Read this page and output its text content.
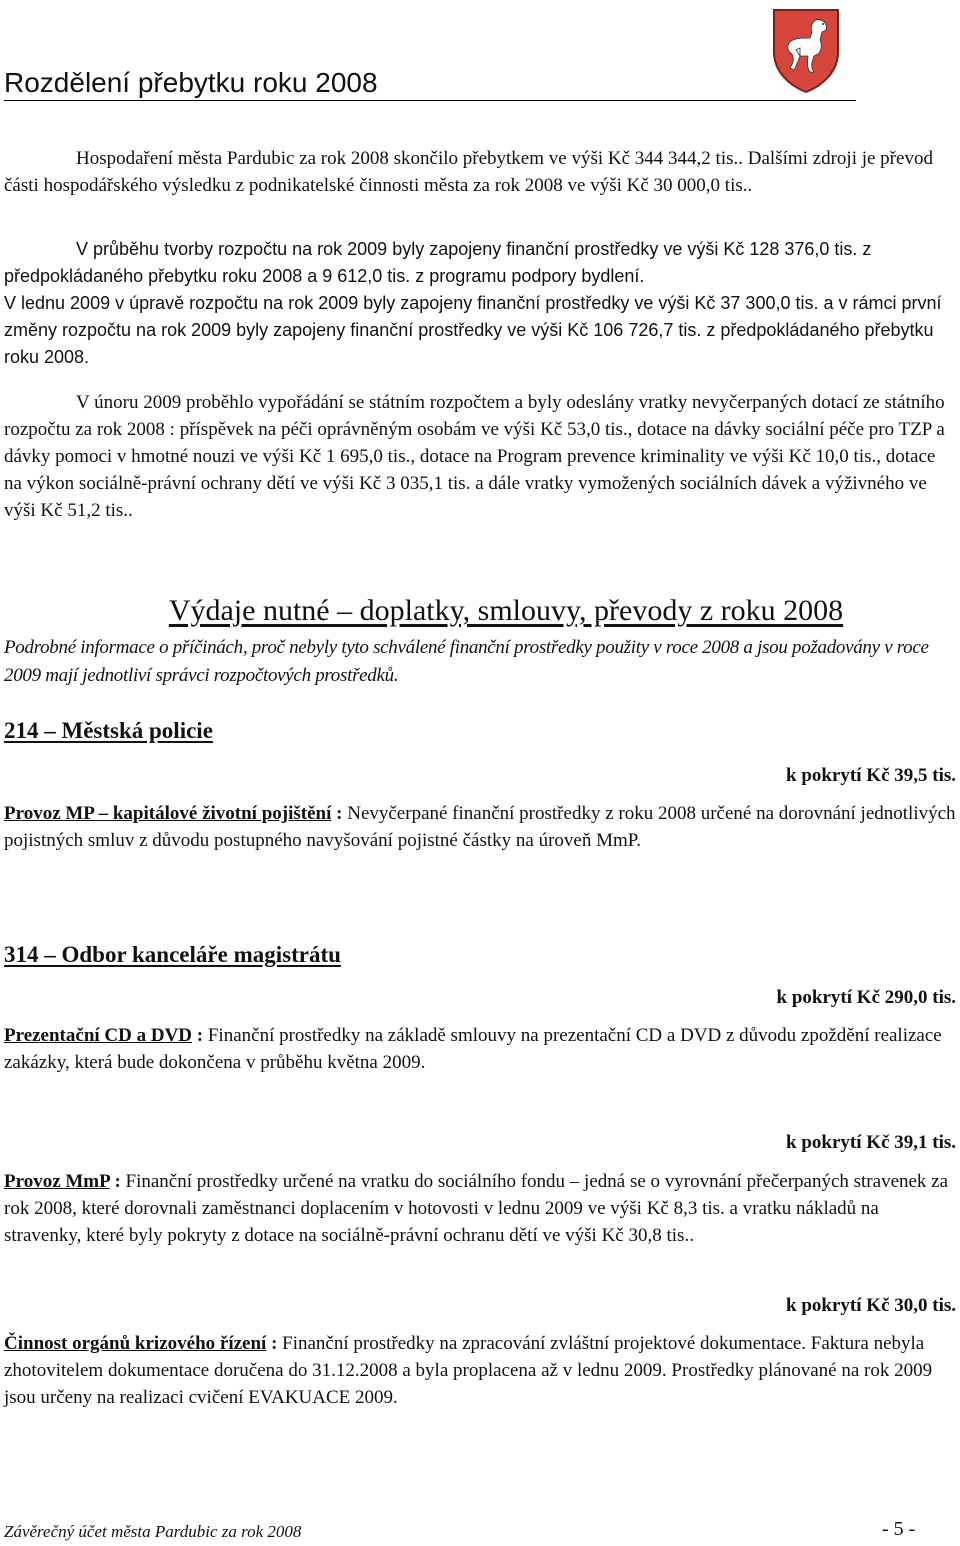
Rozdělení přebytku roku 2008
Hospodaření města Pardubic za rok 2008 skončilo přebytkem ve výši Kč 344 344,2 tis.. Dalšími zdroji je převod části hospodářského výsledku z podnikatelské činnosti města za rok 2008 ve výši Kč 30 000,0 tis..
V průběhu tvorby rozpočtu na rok 2009 byly zapojeny finanční prostředky ve výši Kč 128 376,0 tis. z předpokládaného přebytku roku 2008 a 9 612,0 tis. z programu podpory bydlení.
V lednu 2009 v úpravě rozpočtu na rok 2009 byly zapojeny finanční prostředky ve výši Kč 37 300,0 tis. a v rámci první změny rozpočtu na rok 2009 byly zapojeny finanční prostředky ve výši Kč 106 726,7 tis. z předpokládaného přebytku roku 2008.
V únoru 2009 proběhlo vypořádání se státním rozpočtem a byly odeslány vratky nevyčerpaných dotací ze státního rozpočtu za rok 2008 : příspěvek na péči oprávněným osobám ve výši Kč 53,0 tis., dotace na dávky sociální péče pro TZP a dávky pomoci v hmotné nouzi ve výši Kč 1 695,0 tis., dotace na Program prevence kriminality ve výši Kč 10,0 tis., dotace na výkon sociálně-právní ochrany dětí ve výši Kč 3 035,1 tis. a dále vratky vymožených sociálních dávek a výživného ve výši Kč 51,2 tis..
Výdaje nutné – doplatky, smlouvy, převody z roku 2008
Podrobné informace o příčinách, proč nebyly tyto schválené finanční prostředky použity v roce 2008 a jsou požadovány v roce 2009 mají jednotliví správci rozpočtových prostředků.
214 – Městská policie
k pokrytí Kč 39,5 tis.
Provoz MP – kapitálové životní pojištění : Nevyčerpané finanční prostředky z roku 2008 určené na dorovnání jednotlivých pojistných smluv z důvodu postupného navyšování pojistné částky na úroveň MmP.
314 – Odbor kanceláře magistrátu
k pokrytí Kč 290,0 tis.
Prezentační CD a DVD : Finanční prostředky na základě smlouvy na prezentační CD a DVD z důvodu zpoždění realizace zakázky, která bude dokončena v průběhu května 2009.
k pokrytí Kč 39,1 tis.
Provoz MmP : Finanční prostředky určené na vratku do sociálního fondu – jedná se o vyrovnání přečerpaných stravenek za rok 2008, které dorovnali zaměstnanci doplacením v hotovosti v lednu 2009 ve výši Kč 8,3 tis. a vratku nákladů na stravenky, které byly pokryty z dotace na sociálně-právní ochranu dětí ve výši Kč 30,8 tis..
k pokrytí Kč 30,0 tis.
Činnost orgánů krizového řízení : Finanční prostředky na zpracování zvláštní projektové dokumentace. Faktura nebyla zhotovitelem dokumentace doručena do 31.12.2008 a byla proplacena až v lednu 2009. Prostředky plánované na rok 2009 jsou určeny na realizaci cvičení EVAKUACE 2009.
Závěrečný účet města Pardubic za rok 2008	- 5 -
